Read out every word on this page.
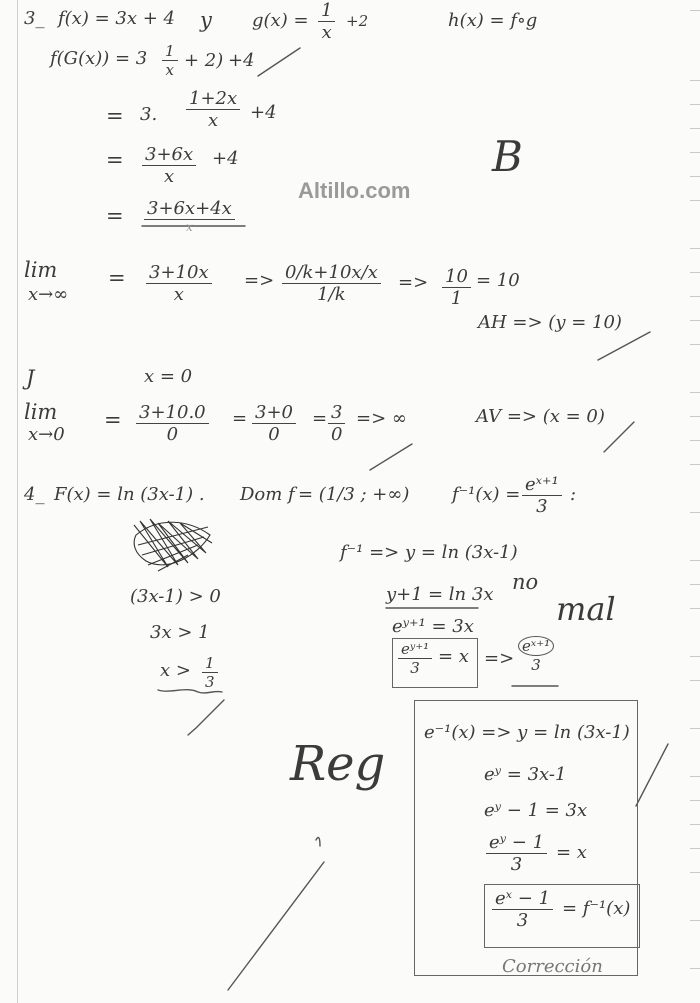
Altillo.com
B
3_ f(x) = 3x + 4 y $g(x) = \frac{1}{x} +2$	h(x) = f∘g
$f(G(x)) = 3 \frac{1}{x} + 2) +4$
= 3. $\frac{1+2x}{x} +4$
= $\frac{3+6x}{x} +4$
= 3+6x+4x
x
lim
x→∞
= $\frac{3+10x}{x} => \frac{0/k+10x/x}{1/k} => \frac{10}{1} = 10$
AH => (y = 10)
J	x = 0
lim
x→0
= $\frac{3+10.0}{0} = \frac{3+0}{0} = \frac{3}{0}$ => ∞	AV => (x = 0)
4_ F(x) = ln (3x-1) . Dom f = (1/3 ; +∞) $f^{-1}(x) = \frac{\text{eˣ⁺¹}}{3}$ :
(3x-1) > 0
3x > 1
$x > \frac{1}{3}$
f⁻¹ => y = ln (3x-1)
y+1 = ln 3x
no
eʸ⁺¹ = 3x
$\frac{\text{eʸ⁺¹}}{3} = x => \frac{\text{eˣ⁺¹}}{3}$
mal
Reg
e⁻¹(x) => y = ln (3x-1)
eʸ = 3x-1
eʸ − 1 = 3x
$\frac{\text{eʸ − 1}}{3} = x$
$\frac{\text{eˣ − 1}}{3} = f^{-1}(x)$
Corrección
